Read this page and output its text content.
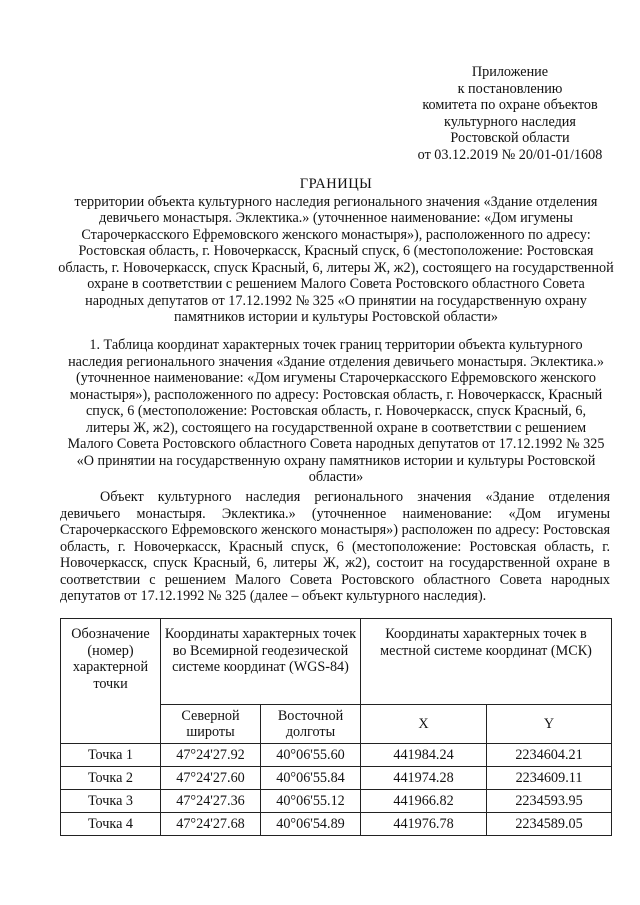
Приложение
к постановлению
комитета по охране объектов
культурного наследия
Ростовской области
от 03.12.2019 № 20/01-01/1608
ГРАНИЦЫ

территории объекта культурного наследия регионального значения «Здание отделения девичьего монастыря. Эклектика.» (уточненное наименование: «Дом игумены Старочеркасского Ефремовского женского монастыря»), расположенного по адресу: Ростовская область, г. Новочеркасск, Красный спуск, 6 (местоположение: Ростовская область, г. Новочеркасск, спуск Красный, 6, литеры Ж, ж2), состоящего на государственной охране в соответствии с решением Малого Совета Ростовского областного Совета народных депутатов от 17.12.1992 № 325 «О принятии на государственную охрану памятников истории и культуры Ростовской области»

1. Таблица координат характерных точек границ территории объекта культурного наследия регионального значения «Здание отделения девичьего монастыря. Эклектика.» (уточненное наименование: «Дом игумены Старочеркасского Ефремовского женского монастыря»), расположенного по адресу: Ростовская область, г. Новочеркасск, Красный спуск, 6 (местоположение: Ростовская область, г. Новочеркасск, спуск Красный, 6, литеры Ж, ж2), состоящего на государственной охране в соответствии с решением Малого Совета Ростовского областного Совета народных депутатов от 17.12.1992 № 325 «О принятии на государственную охрану памятников истории и культуры Ростовской области»

Объект культурного наследия регионального значения «Здание отделения девичьего монастыря. Эклектика.» (уточненное наименование: «Дом игумены Старочеркасского Ефремовского женского монастыря») расположен по адресу: Ростовская область, г. Новочеркасск, Красный спуск, 6 (местоположение: Ростовская область, г. Новочеркасск, спуск Красный, 6, литеры Ж, ж2), состоит на государственной охране в соответствии с решением Малого Совета Ростовского областного Совета народных депутатов от 17.12.1992 № 325 (далее – объект культурного наследия).

Обозначение (номер) характерной точки	Координаты характерных точек во Всемирной геодезической системе координат (WGS-84)		Координаты характерных точек в местной системе координат (МСК)	
	Северной широты	Восточной долготы	X	Y
Точка 1	47°24'27.92	40°06'55.60	441984.24	2234604.21
Точка 2	47°24'27.60	40°06'55.84	441974.28	2234609.11
Точка 3	47°24'27.36	40°06'55.12	441966.82	2234593.95
Точка 4	47°24'27.68	40°06'54.89	441976.78	2234589.05
